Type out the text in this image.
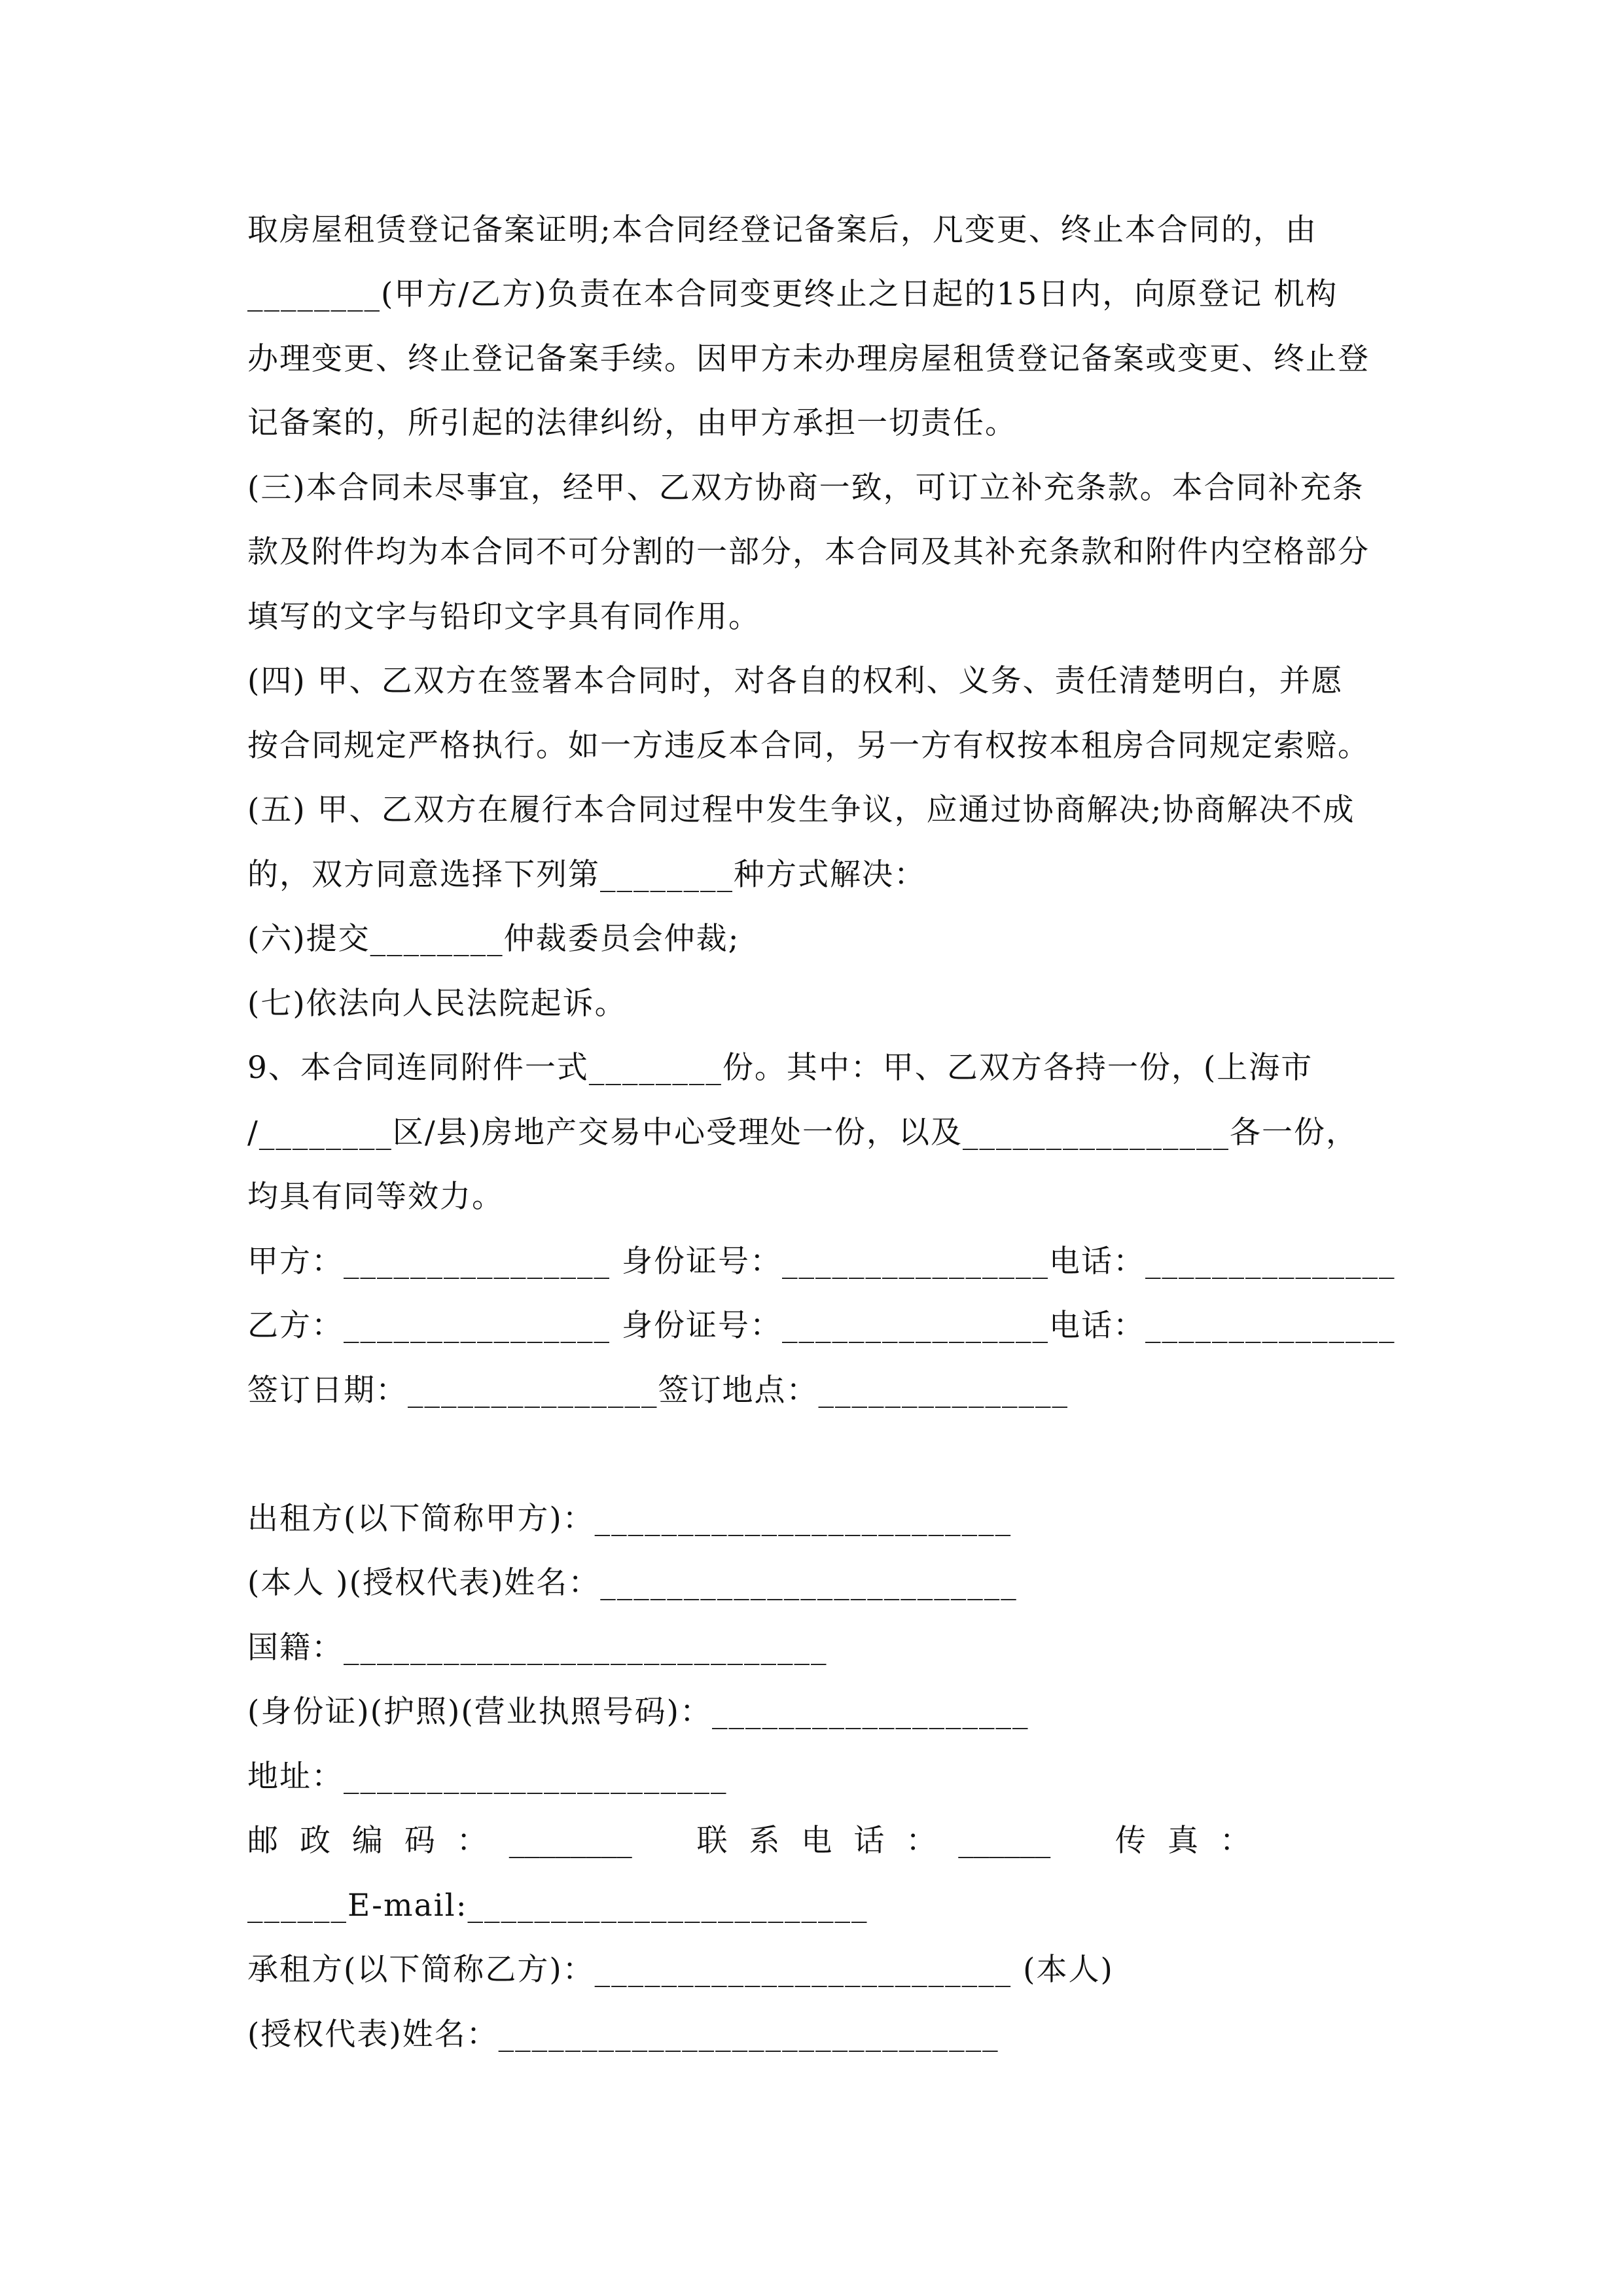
取房屋租赁登记备案证明;本合同经登记备案后，凡变更、终止本合同的，由
________(甲方/乙方)负责在本合同变更终止之日起的15日内，向原登记 机构
办理变更、终止登记备案手续。因甲方未办理房屋租赁登记备案或变更、终止登
记备案的，所引起的法律纠纷，由甲方承担一切责任。
(三)本合同未尽事宜，经甲、乙双方协商一致，可订立补充条款。本合同补充条
款及附件均为本合同不可分割的一部分，本合同及其补充条款和附件内空格部分
填写的文字与铅印文字具有同作用。
(四) 甲、乙双方在签署本合同时，对各自的权利、义务、责任清楚明白，并愿
按合同规定严格执行。如一方违反本合同，另一方有权按本租房合同规定索赔。
(五) 甲、乙双方在履行本合同过程中发生争议，应通过协商解决;协商解决不成
的，双方同意选择下列第________种方式解决：
(六)提交________仲裁委员会仲裁;
(七)依法向人民法院起诉。
9、本合同连同附件一式________份。其中：甲、乙双方各持一份，(上海市
/________区/县)房地产交易中心受理处一份，以及________________各一份，
均具有同等效力。
甲方：________________ 身份证号：________________电话：_______________
乙方：________________ 身份证号：________________电话：_______________
签订日期：_______________签订地点：_______________
出租方(以下简称甲方)：_________________________
(本人 )(授权代表)姓名：_________________________
国籍：_____________________________
(身份证)(护照)(营业执照号码)：___________________
地址：_______________________
邮 政 编 码 ： ________   联 系 电 话 ： ______   传 真 ：
______E-mail:________________________
承租方(以下简称乙方)：_________________________ (本人)
(授权代表)姓名：______________________________
